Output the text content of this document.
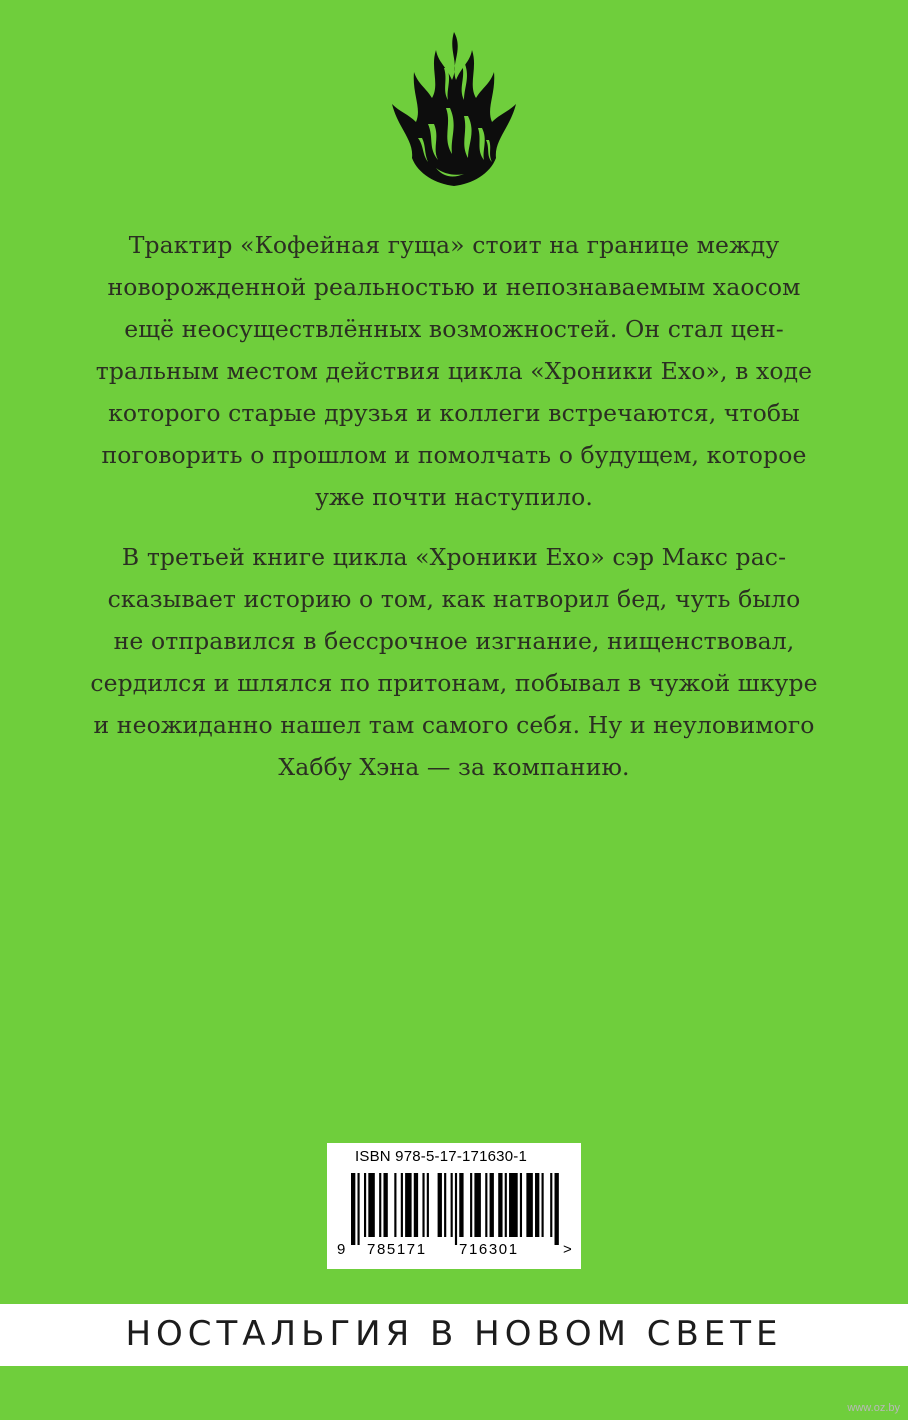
Трактир «Кофейная гуща» стоит на границе между
новорожденной реальностью и непознаваемым хаосом
ещё неосуществлённых возможностей. Он стал цен-
тральным местом действия цикла «Хроники Ехо», в ходе
которого старые друзья и коллеги встречаются, чтобы
поговорить о прошлом и помолчать о будущем, которое
уже почти наступило.
В третьей книге цикла «Хроники Ехо» сэр Макс рас-
сказывает историю о том, как натворил бед, чуть было
не отправился в бессрочное изгнание, нищенствовал,
сердился и шлялся по притонам, побывал в чужой шкуре
и неожиданно нашел там самого себя. Ну и неуловимого
Хаббу Хэна — за компанию.
ISBN 978-5-17-171630-1
9 785171 716301	>
НОСТАЛЬГИЯ В НОВОМ СВЕТЕ
www.oz.by
